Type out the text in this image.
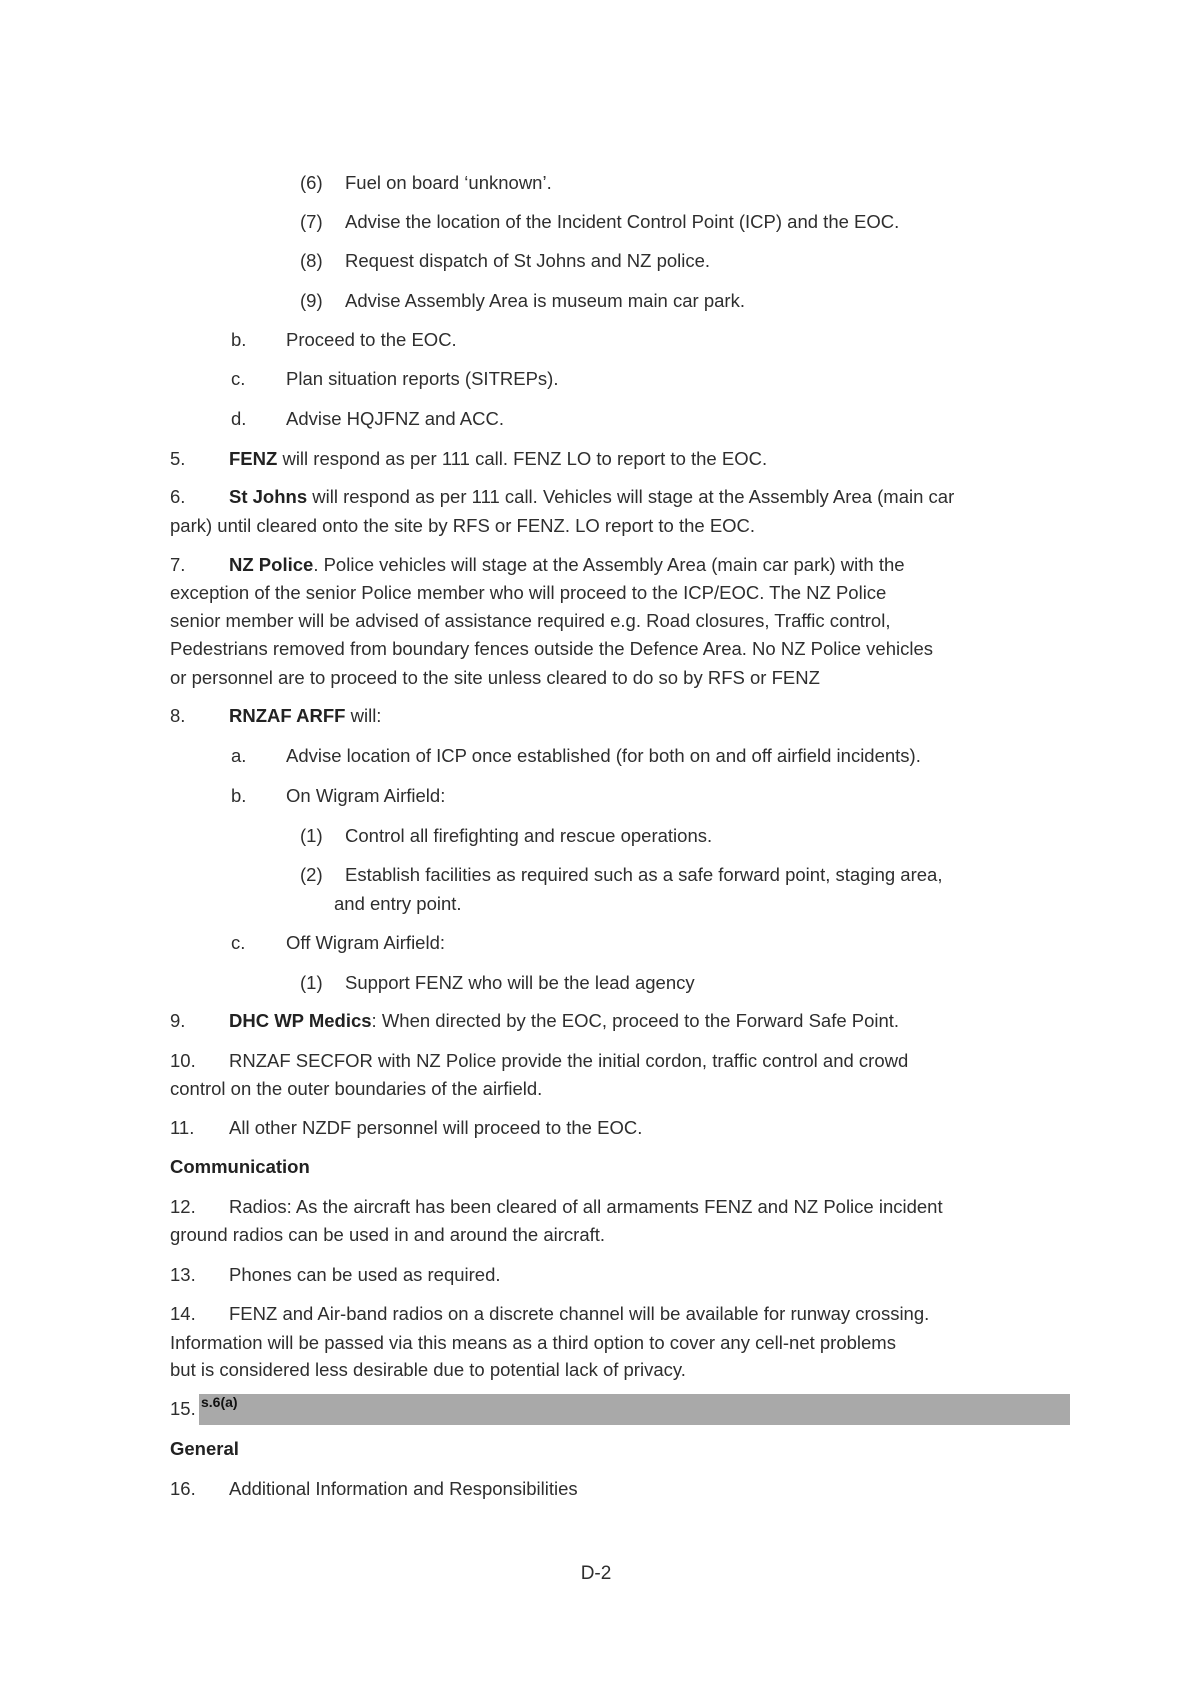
s.6(a)
D-2
(6) Fuel on board ‘unknown’.
(7) Advise the location of the Incident Control Point (ICP) and the EOC.
(8) Request dispatch of St Johns and NZ police.
(9) Advise Assembly Area is museum main car park.
b. Proceed to the EOC.
c. Plan situation reports (SITREPs).
d. Advise HQJFNZ and ACC.
5. FENZ will respond as per 111 call. FENZ LO to report to the EOC.
6. St Johns will respond as per 111 call. Vehicles will stage at the Assembly Area (main car
park) until cleared onto the site by RFS or FENZ. LO report to the EOC.
7. NZ Police. Police vehicles will stage at the Assembly Area (main car park) with the
exception of the senior Police member who will proceed to the ICP/EOC. The NZ Police
senior member will be advised of assistance required e.g. Road closures, Traffic control,
Pedestrians removed from boundary fences outside the Defence Area. No NZ Police vehicles
or personnel are to proceed to the site unless cleared to do so by RFS or FENZ
8. RNZAF ARFF will:
a. Advise location of ICP once established (for both on and off airfield incidents).
b. On Wigram Airfield:
(1) Control all firefighting and rescue operations.
(2) Establish facilities as required such as a safe forward point, staging area,
and entry point.
c. Off Wigram Airfield:
(1) Support FENZ who will be the lead agency
9. DHC WP Medics: When directed by the EOC, proceed to the Forward Safe Point.
10. RNZAF SECFOR with NZ Police provide the initial cordon, traffic control and crowd
control on the outer boundaries of the airfield.
11. All other NZDF personnel will proceed to the EOC.
Communication
12. Radios: As the aircraft has been cleared of all armaments FENZ and NZ Police incident
ground radios can be used in and around the aircraft.
13. Phones can be used as required.
14. FENZ and Air-band radios on a discrete channel will be available for runway crossing.
Information will be passed via this means as a third option to cover any cell-net problems
but is considered less desirable due to potential lack of privacy.
15.
General
16. Additional Information and Responsibilities
